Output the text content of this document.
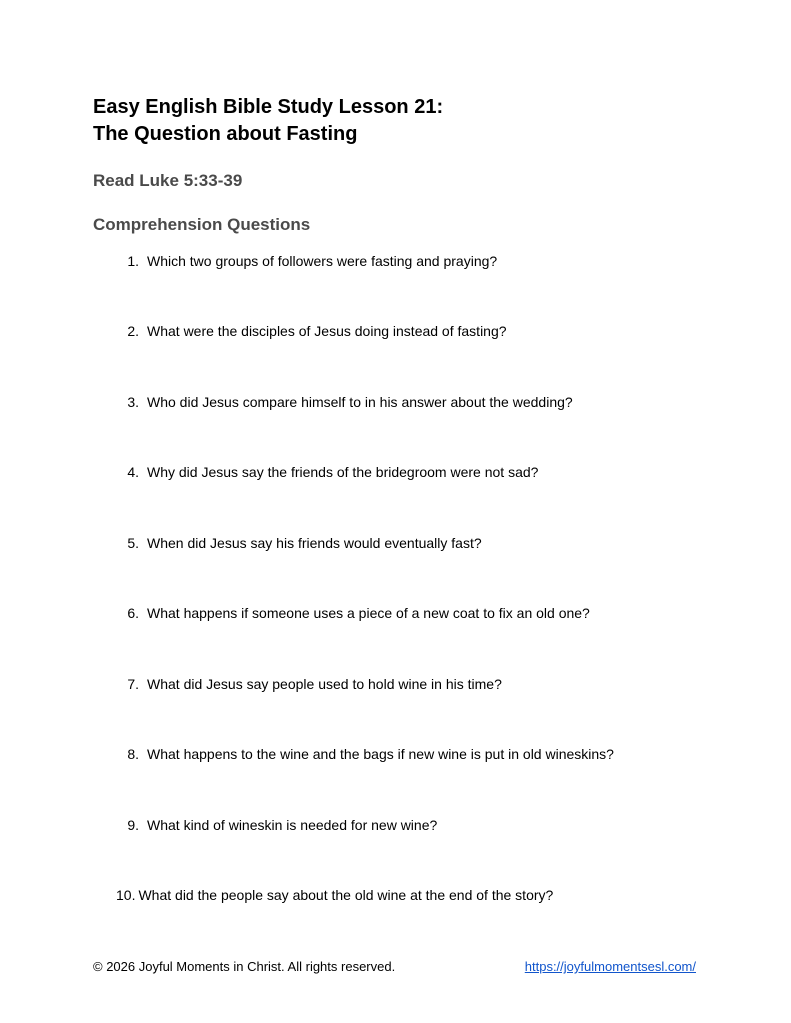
Easy English Bible Study Lesson 21:
The Question about Fasting
Read Luke 5:33-39
Comprehension Questions
1. Which two groups of followers were fasting and praying?
2. What were the disciples of Jesus doing instead of fasting?
3. Who did Jesus compare himself to in his answer about the wedding?
4. Why did Jesus say the friends of the bridegroom were not sad?
5. When did Jesus say his friends would eventually fast?
6. What happens if someone uses a piece of a new coat to fix an old one?
7. What did Jesus say people used to hold wine in his time?
8. What happens to the wine and the bags if new wine is put in old wineskins?
9. What kind of wineskin is needed for new wine?
10. What did the people say about the old wine at the end of the story?
© 2026 Joyful Moments in Christ. All rights reserved.	https://joyfulmomentsesl.com/
